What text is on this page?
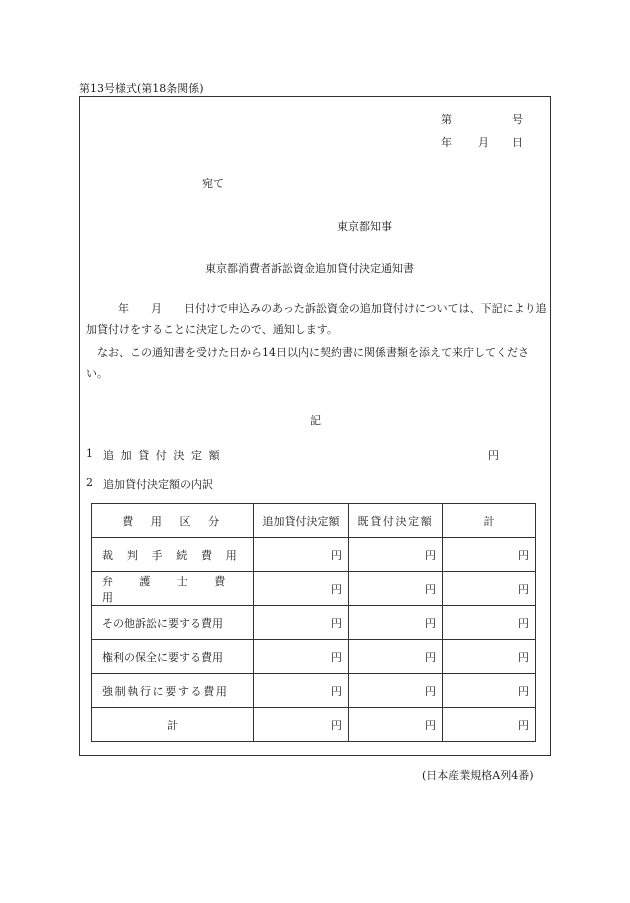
第13号様式(第18条関係)
第	号
年 月 日
宛て
東京都知事
東京都消費者訴訟資金追加貸付決定通知書
年　　月　　日付けで申込みのあった訴訟資金の追加貸付けについては、下記により追加貸付けをすることに決定したので、通知します。
なお、この通知書を受けた日から14日以内に契約書に関係書類を添えて来庁してください。
記
1 追加貸付決定額	円
2 追加貸付決定額の内訳
費用区分	追加貸付決定額	既貸付決定額	計
裁判手続費用	円	円	円
弁護士費用	円	円	円
その他訴訟に要する費用	円	円	円
権利の保全に要する費用	円	円	円
強制執行に要する費用	円	円	円
計	円	円	円
(日本産業規格A列4番)
